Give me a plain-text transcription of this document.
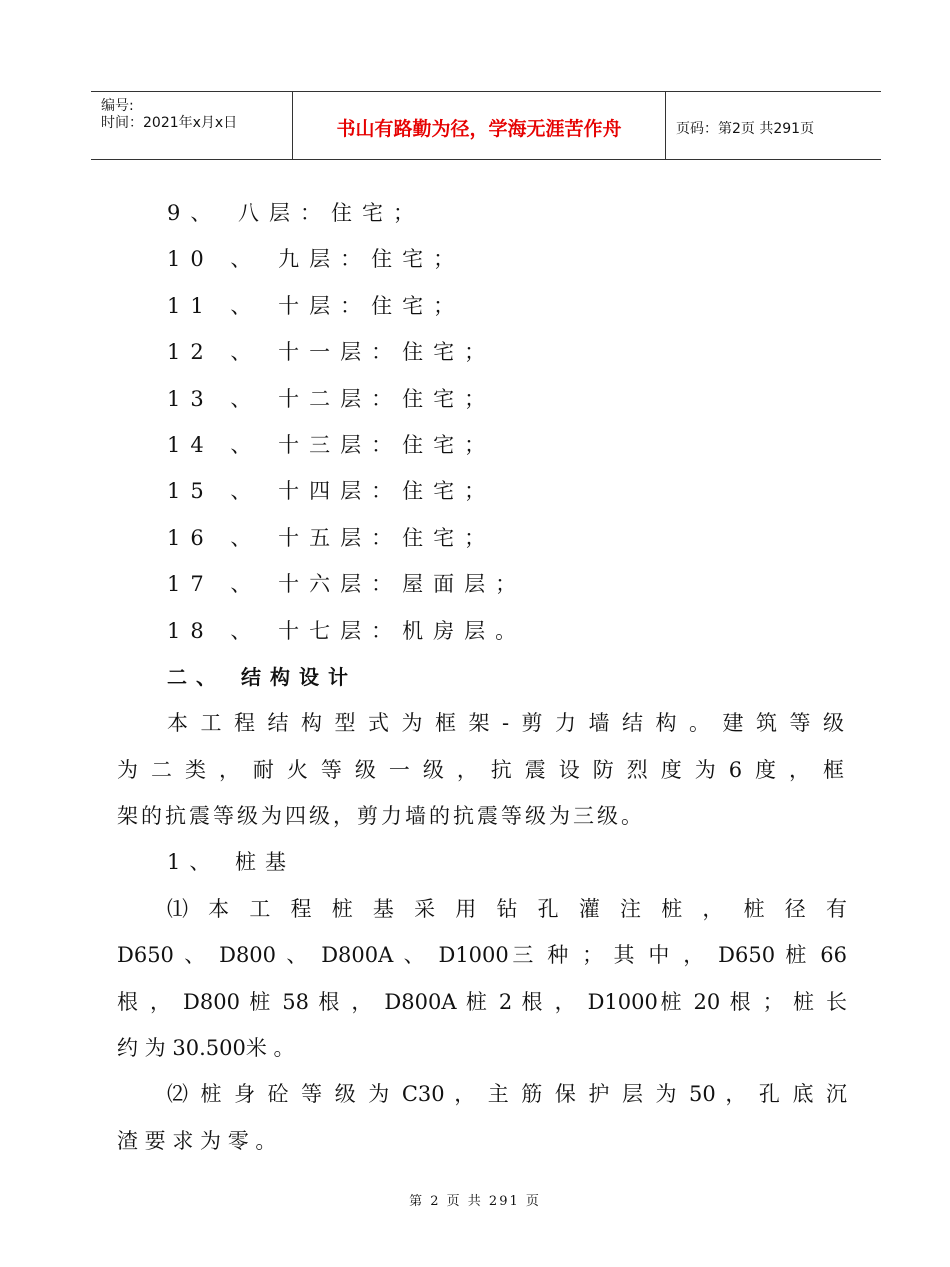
编号:
时间：2021年x月x日	书山有路勤为径，学海无涯苦作舟	页码：第2页 共291页
9、 八层：住宅；
10 、 九层：住宅；
11 、 十层：住宅；
12 、 十一层：住宅；
13 、 十二层：住宅；
14 、 十三层：住宅；
15 、 十四层：住宅；
16 、 十五层：住宅；
17 、 十六层：屋面层；
18 、 十七层：机房层。
二、 结构设计
本工程结构型式为框架-剪力墙结构。建筑等级
为二类，耐火等级一级，抗震设防烈度为6度，框
架的抗震等级为四级，剪力墙的抗震等级为三级。
1、 桩基
⑴ 本 工 程 桩 基 采 用 钻 孔 灌 注 桩 ， 桩 径 有
D650 、 D800 、 D800A 、 D1000三 种 ； 其 中 ， D650 桩 66
根 ， D800 桩 58 根 ， D800A 桩 2 根 ， D1000桩 20 根 ； 桩 长
约 为 30.500米 。
⑵ 桩 身 砼 等 级 为 C30 ， 主 筋 保 护 层 为 50 ， 孔 底 沉
渣 要 求 为 零 。
第 2 页 共 291 页
